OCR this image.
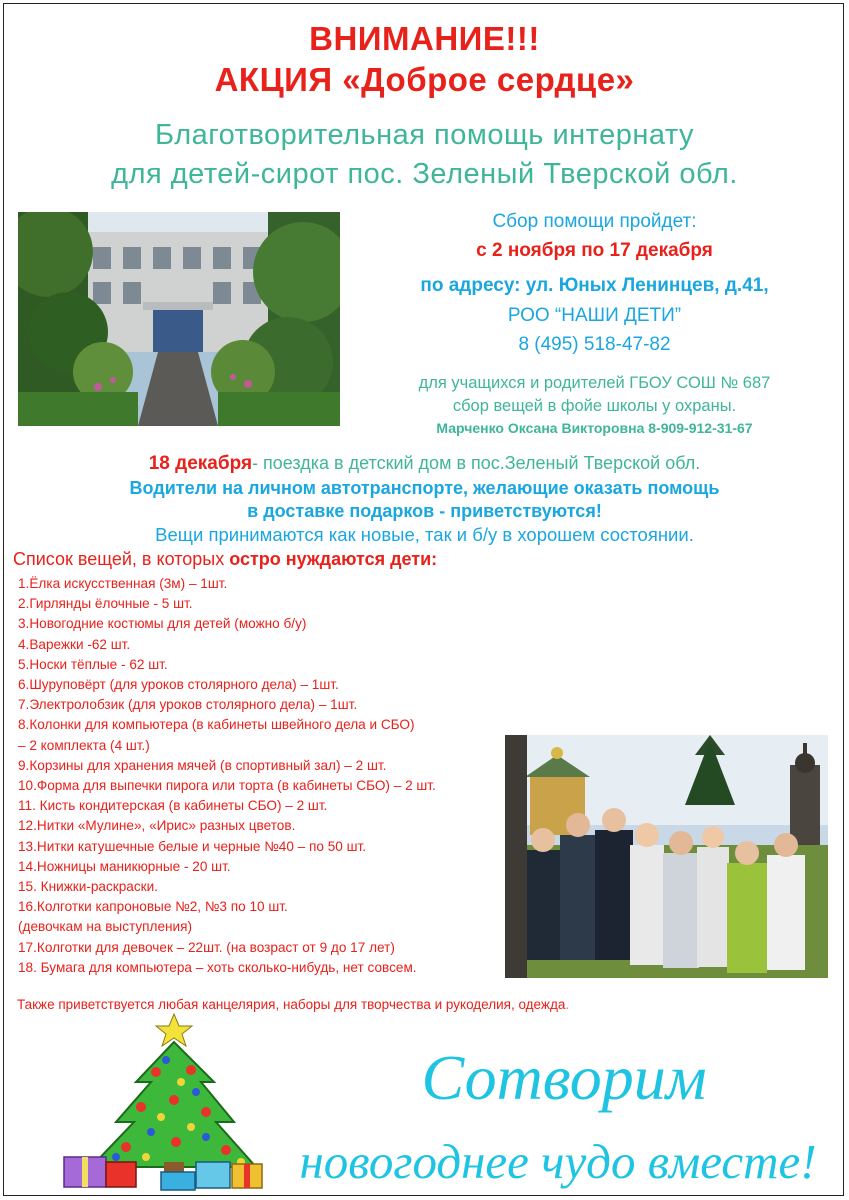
ВНИМАНИЕ!!!
АКЦИЯ «Доброе сердце»
Благотворительная помощь интернату
для детей-сирот пос. Зеленый Тверской обл.
Сбор помощи пройдет:
с 2 ноября по 17 декабря
по адресу: ул. Юных Ленинцев, д.41,
РОО “НАШИ ДЕТИ”
8 (495) 518-47-82
для учащихся и родителей ГБОУ СОШ № 687
сбор вещей в фойе школы у охраны.
Марченко Оксана Викторовна 8-909-912-31-67
18 декабря- поездка в детский дом в пос.Зеленый Тверской обл.
Водители на личном автотранспорте, желающие оказать помощь
в доставке подарков - приветствуются!
Вещи принимаются как новые, так и б/у в хорошем состоянии.
Список вещей, в которых остро нуждаются дети:
1.Ёлка искусственная (3м) – 1шт.
2.Гирлянды ёлочные - 5 шт.
3.Новогодние костюмы для детей (можно б/у)
4.Варежки -62 шт.
5.Носки тёплые - 62 шт.
6.Шуруповёрт (для уроков столярного дела) – 1шт.
7.Электролобзик (для уроков столярного дела) – 1шт.
8.Колонки для компьютера (в кабинеты швейного дела и СБО)
– 2 комплекта (4 шт.)
9.Корзины для хранения мячей (в спортивный зал) – 2 шт.
10.Форма для выпечки пирога или торта (в кабинеты СБО) – 2 шт.
11. Кисть кондитерская (в кабинеты СБО) – 2 шт.
12.Нитки «Мулине», «Ирис» разных цветов.
13.Нитки катушечные белые и черные №40 – по 50 шт.
14.Ножницы маникюрные - 20 шт.
15. Книжки-раскраски.
16.Колготки капроновые №2, №3 по 10 шт.
(девочкам на выступления)
17.Колготки для девочек – 22шт. (на возраст от 9 до 17 лет)
18. Бумага для компьютера – хоть сколько-нибудь, нет совсем.
Также приветствуется любая канцелярия, наборы для творчества и рукоделия, одежда.
Сотворим
новогоднее чудо вместе!
